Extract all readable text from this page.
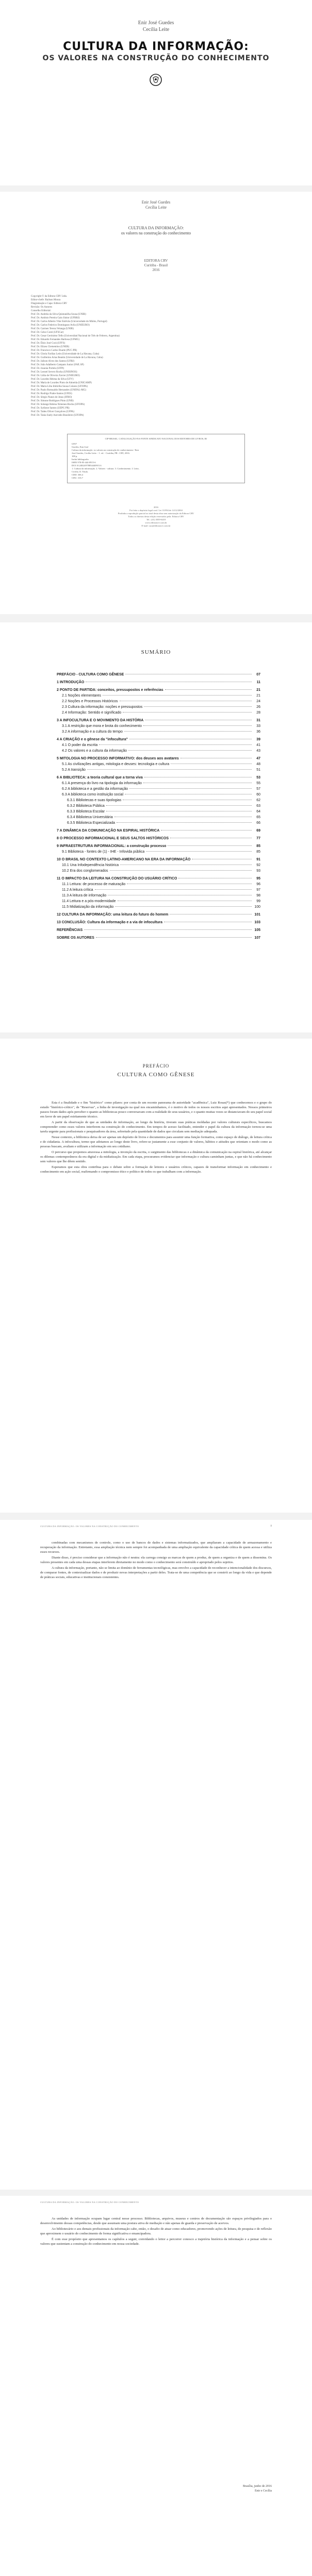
Enir José Guedes
Cecília Leite
CULTURA DA INFORMAÇÃO:
OS VALORES NA CONSTRUÇÃO DO CONHECIMENTO
Enir José Guedes
Cecília Leite
CULTURA DA INFORMAÇÃO:
os valores na construção do conhecimento
EDITORA CRV
Curitiba - Brasil
2016
Copyright © da Editora CRV Ltda.
Editor-chefe: Railson Moura
Diagramação e Capa: Editora CRV
Revisão: Os Autores
Conselho Editorial:
Prof. Dr. Andréia da Silva Quintanilha Sousa (UNIR)
Prof. Dr. Antônio Pereira Gaio Júnior (UFRRJ)
Prof. Dr. Carlos Alberto Vilar Estêvão (Universidade do Minho, Portugal)
Prof. Dr. Carlos Federico Dominguez Avila (UNIEURO)
Prof. Dr. Carmen Tereza Velanga (UNIR)
Prof. Dr. Celso Conti (UFSCar)
Prof. Dr. Cesar Gerónimo Tello (Universidad Nacional de Três de Febrero, Argentina)
Prof. Dr. Eduardo Fernandes Barbosa (UFMG)
Prof. Dr. Élsio José Corá (UFFS)
Prof. Dr. Elizeu Clementino (UNEB)
Prof. Dr. Francisco Carlos Duarte (PUC-PR)
Prof. Dr. Gloria Fariñas León (Universidade de La Havana, Cuba)
Prof. Dr. Guillermo Arias Beatón (Universidade de La Havana, Cuba)
Prof. Dr. Jailson Alves dos Santos (UFRJ)
Prof. Dr. João Adalberto Campato Junior (FAP, SP)
Prof. Dr. Josania Portela (UFPI)
Prof. Dr. Leonel Severo Rocha (UNISINOS)
Prof. Dr. Lídia de Oliveira Xavier (UNIEURO)
Prof. Dr. Lourdes Helena da Silva (UFV)
Prof. Dr. Maria de Lourdes Pinto de Almeida (UNICAMP)
Prof. Dr. Maria Lília Imbiriba Sousa Colares (UFOPA)
Prof. Dr. Paulo Romualdo Hernandes (UNIFAL-MG)
Prof. Dr. Rodrigo Pratte-Santos (UFES)
Prof. Dr. Sérgio Nunes de Jesus (IFRO)
Prof. Dr. Simone Rodrigues Pinto (UNB)
Prof. Dr. Solange Helena Ximenes-Rocha (UFOPA)
Prof. Dr. Sydione Santos (UEPG PR)
Prof. Dr. Tadeu Oliver Gonçalves (UFPA)
Prof. Dr. Tania Suely Azevedo Brasileiro (UFOPA)
CIP-BRASIL. CATALOGAÇÃO-NA-FONTE SINDICATO NACIONAL DOS EDITORES DE LIVROS, RJ
G957
Guedes, Enir José
Cultura da informação: os valores na construção do conhecimento / Enir
José Guedes, Cecília Leite. - 1. ed. - Curitiba, PR : CRV, 2016.
108 p.
Inclui bibliografia
ISBN 978-85-444-0915-6
DOI 10.24824/978854440915.6
1. Cultura da informação. 2. Valores - cultura. 3. Conhecimento. I. Leite,
Cecília. II. Título.
CDD: 306.4
CDU: 316.7
2016
Foi feito o depósito legal conf. Lei 10.994 de 14/12/2004
Proibida a reprodução parcial ou total desta obra sem autorização da Editora CRV
Todos os direitos desta edição reservados pela: Editora CRV
Tel.: (41) 3039-6418
www.editoracrv.com.br
E-mail: sac@editoracrv.com.br
SUMÁRIO
PREFÁCIO - CULTURA COMO GÊNESE	07
1 INTRODUÇÃO	11
2 PONTO DE PARTIDA: conceitos, pressupostos e referências	21
2.1 Noções elementares	21
2.2 Noções e Processos Históricos	24
2.3 Cultura da informação: noções e pressupostos	26
2.4 Informação: Sentido e significado	28
3 A INFOCULTURA E O MOVIMENTO DA HISTÓRIA	31
3.1 A restrição que mora e brota do conhecimento	33
3.2 A informação e a cultura do tempo	36
4 A CRIAÇÃO e o gênese da "infocultura"	39
4.1 O poder da escrita	41
4.2 Os valores e a cultura da informação	43
5 MITOLOGIA NO PROCESSO INFORMATIVO: dos deuses aos avatares	47
5.1 As civilizações antigas, mitologia e deuses: tecnologia e cultura	48
5.2 A transição	51
6 A BIBLIOTECA: a teoria cultural que a torna viva	53
6.1 A presença do livro na tipologia da informação	55
6.2 A biblioteca e a gestão da informação	57
6.3 A biblioteca como instituição social	60
6.3.1 Bibliotecas e suas tipologias	62
6.3.2 Biblioteca Pública	63
6.3.3 Biblioteca Escolar	64
6.3.4 Biblioteca Universitária	65
6.3.5 Biblioteca Especializada	66
7 A DINÂMICA DA COMUNICAÇÃO NA ESPIRAL HISTÓRICA	69
8 O PROCESSO INFORMACIONAL E SEUS SALTOS HISTÓRICOS	77
9 INFRAESTRUTURA INFORMACIONAL: a construção processo	85
9.1 Biblioteca - fontes de (1) - IHE - Infovida pública	85
10 O BRASIL NO CONTEXTO LATINO-AMERICANO NA ERA DA INFORMAÇÃO	91
10.1 Una Infodependência histórica	92
10.2 Era dos conglomerados	93
11 O IMPACTO DA LEITURA NA CONSTRUÇÃO DO USUÁRIO CRÍTICO	95
11.1 Leitura: de processo de maturação	96
11.2 A leitura crítica	97
11.3 A leitura de informação	98
11.4 Leitura e a pós-modernidade	99
11.5 Midiatização da informação	100
12 CULTURA DA INFORMAÇÃO: uma leitura do futuro do homem	101
13 CONCLUSÃO: Cultura da informação e a via de infocultura	103
REFERÊNCIAS	105
SOBRE OS AUTORES	107
PREFÁCIO
CULTURA COMO GÊNESE

Esta é a finalidade e o fim "histórico" como pilares: por conta de um recente panorama de autoridade "acadêmica", Luiz Rosas(*) que conhecemos e o grupo do estudo "histórico-crítico", de "Reservas", a linha de investigação na qual nos encaminhamos, é o motivo de todos os nossos escritos aqui apresentados. Nossos primeiros passos foram dados após perceber o quanto as bibliotecas pouco conversavam com a realidade de seus usuários, e o quanto muitas vezes se distanciavam do seu papel social em favor de um papel estritamente técnico.

A partir da observação de que as unidades de informação, ao longo da história, tiveram suas práticas moldadas por valores culturais específicos, buscamos compreender como esses valores interferem na construção do conhecimento. Em tempos de acesso facilitado, entender o papel da cultura da informação tornou-se uma tarefa urgente para profissionais e pesquisadores da área, sobretudo pela quantidade de dados que circulam sem mediação adequada.

Nesse contexto, a biblioteca deixa de ser apenas um depósito de livros e documentos para assumir uma função formativa, como espaço de diálogo, de leitura crítica e de cidadania. A infocultura, termo que adotamos ao longo deste livro, refere-se justamente a esse conjunto de valores, hábitos e atitudes que orientam o modo como as pessoas buscam, avaliam e utilizam a informação em seu cotidiano.

O percurso que propomos atravessa a mitologia, a invenção da escrita, o surgimento das bibliotecas e a dinâmica da comunicação na espiral histórica, até alcançar os dilemas contemporâneos da era digital e da midiatização. Em cada etapa, procuramos evidenciar que informação e cultura caminham juntas, e que não há conhecimento sem valores que lhe dêem sentido.

Esperamos que esta obra contribua para o debate sobre a formação de leitores e usuários críticos, capazes de transformar informação em conhecimento e conhecimento em ação social, reafirmando o compromisso ético e político de todos os que trabalham com a informação.

CULTURA DA INFORMAÇÃO: OS VALORES NA CONSTRUÇÃO DO CONHECIMENTO	8

combinadas com mecanismos de controle, como o uso de bancos de dados e sistemas informatizados, que ampliaram a capacidade de armazenamento e recuperação da informação. Entretanto, essa ampliação técnica nem sempre foi acompanhada de uma ampliação equivalente da capacidade crítica de quem acessa e utiliza esses recursos.

Diante disso, é preciso considerar que a informação não é neutra: ela carrega consigo as marcas de quem a produz, de quem a organiza e de quem a dissemina. Os valores presentes em cada uma dessas etapas interferem diretamente no modo como o conhecimento será construído e apropriado pelos sujeitos.

A cultura da informação, portanto, não se limita ao domínio de ferramentas tecnológicas, mas envolve a capacidade de reconhecer a intencionalidade dos discursos, de comparar fontes, de contextualizar dados e de produzir novas interpretações a partir deles. Trata-se de uma competência que se constrói ao longo da vida e que depende de práticas sociais, educativas e institucionais consistentes.

CULTURA DA INFORMAÇÃO: OS VALORES NA CONSTRUÇÃO DO CONHECIMENTO

As unidades de informação ocupam lugar central nesse processo. Bibliotecas, arquivos, museus e centros de documentação são espaços privilegiados para o desenvolvimento dessas competências, desde que assumam uma postura ativa de mediação e não apenas de guarda e preservação de acervos.

Ao bibliotecário e aos demais profissionais da informação cabe, então, o desafio de atuar como educadores, promovendo ações de leitura, de pesquisa e de reflexão que aproximem o usuário do conhecimento de forma significativa e emancipadora.

É com esse propósito que apresentamos os capítulos a seguir, convidando o leitor a percorrer conosco a trajetória histórica da informação e a pensar sobre os valores que sustentam a construção do conhecimento em nossa sociedade.

Brasília, junho de 2016
Enir e Cecília
